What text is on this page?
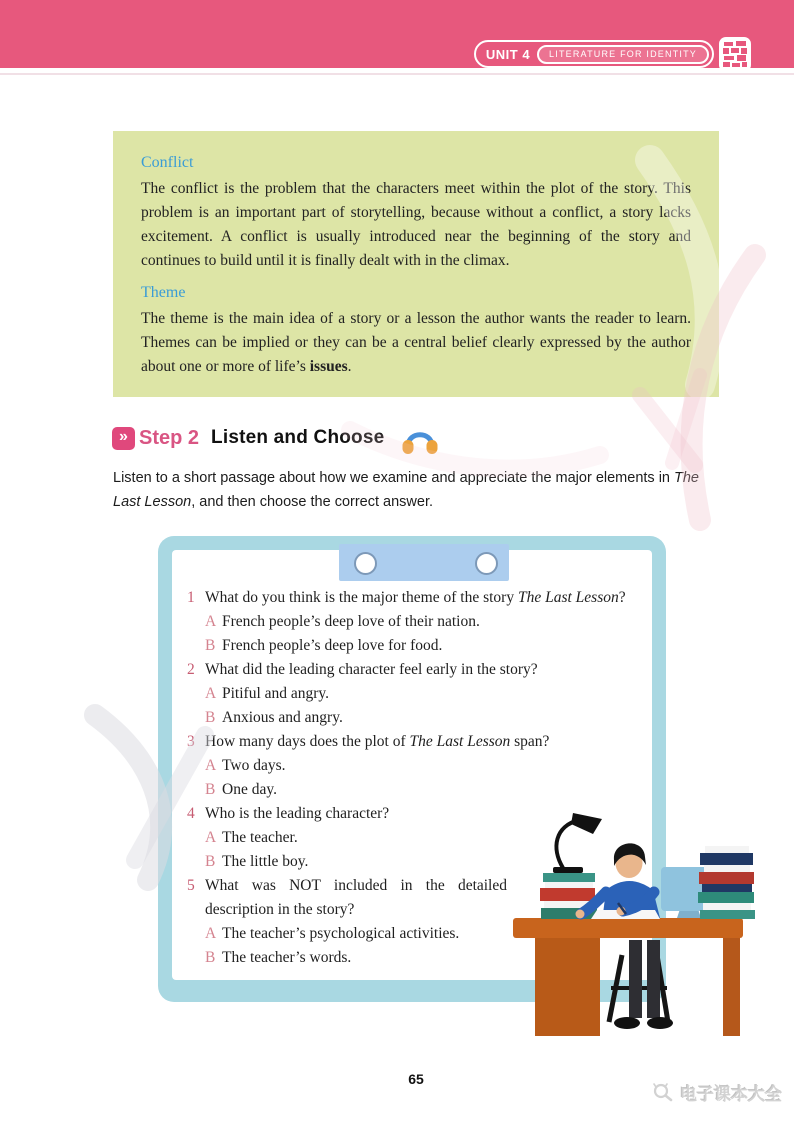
UNIT 4	LITERATURE FOR IDENTITY
Conflict
The conflict is the problem that the characters meet within the plot of the story. This problem is an important part of storytelling, because without a conflict, a story lacks excitement. A conflict is usually introduced near the beginning of the story and continues to build until it is finally dealt with in the climax.
Theme
The theme is the main idea of a story or a lesson the author wants the reader to learn. Themes can be implied or they can be a central belief clearly expressed by the author about one or more of life’s issues.
» Step 2 Listen and Choose
Listen to a short passage about how we examine and appreciate the major elements in The Last Lesson, and then choose the correct answer.
1 What do you think is the major theme of the story The Last Lesson?
A French people’s deep love of their nation.
B French people’s deep love for food.
2 What did the leading character feel early in the story?
A Pitiful and angry.
B Anxious and angry.
3 How many days does the plot of The Last Lesson span?
A Two days.
B One day.
4 Who is the leading character?
A The teacher.
B The little boy.
5 What was NOT included in the detailed description in the story?
A The teacher’s psychological activities.
B The teacher’s words.
65
电子课本大全
